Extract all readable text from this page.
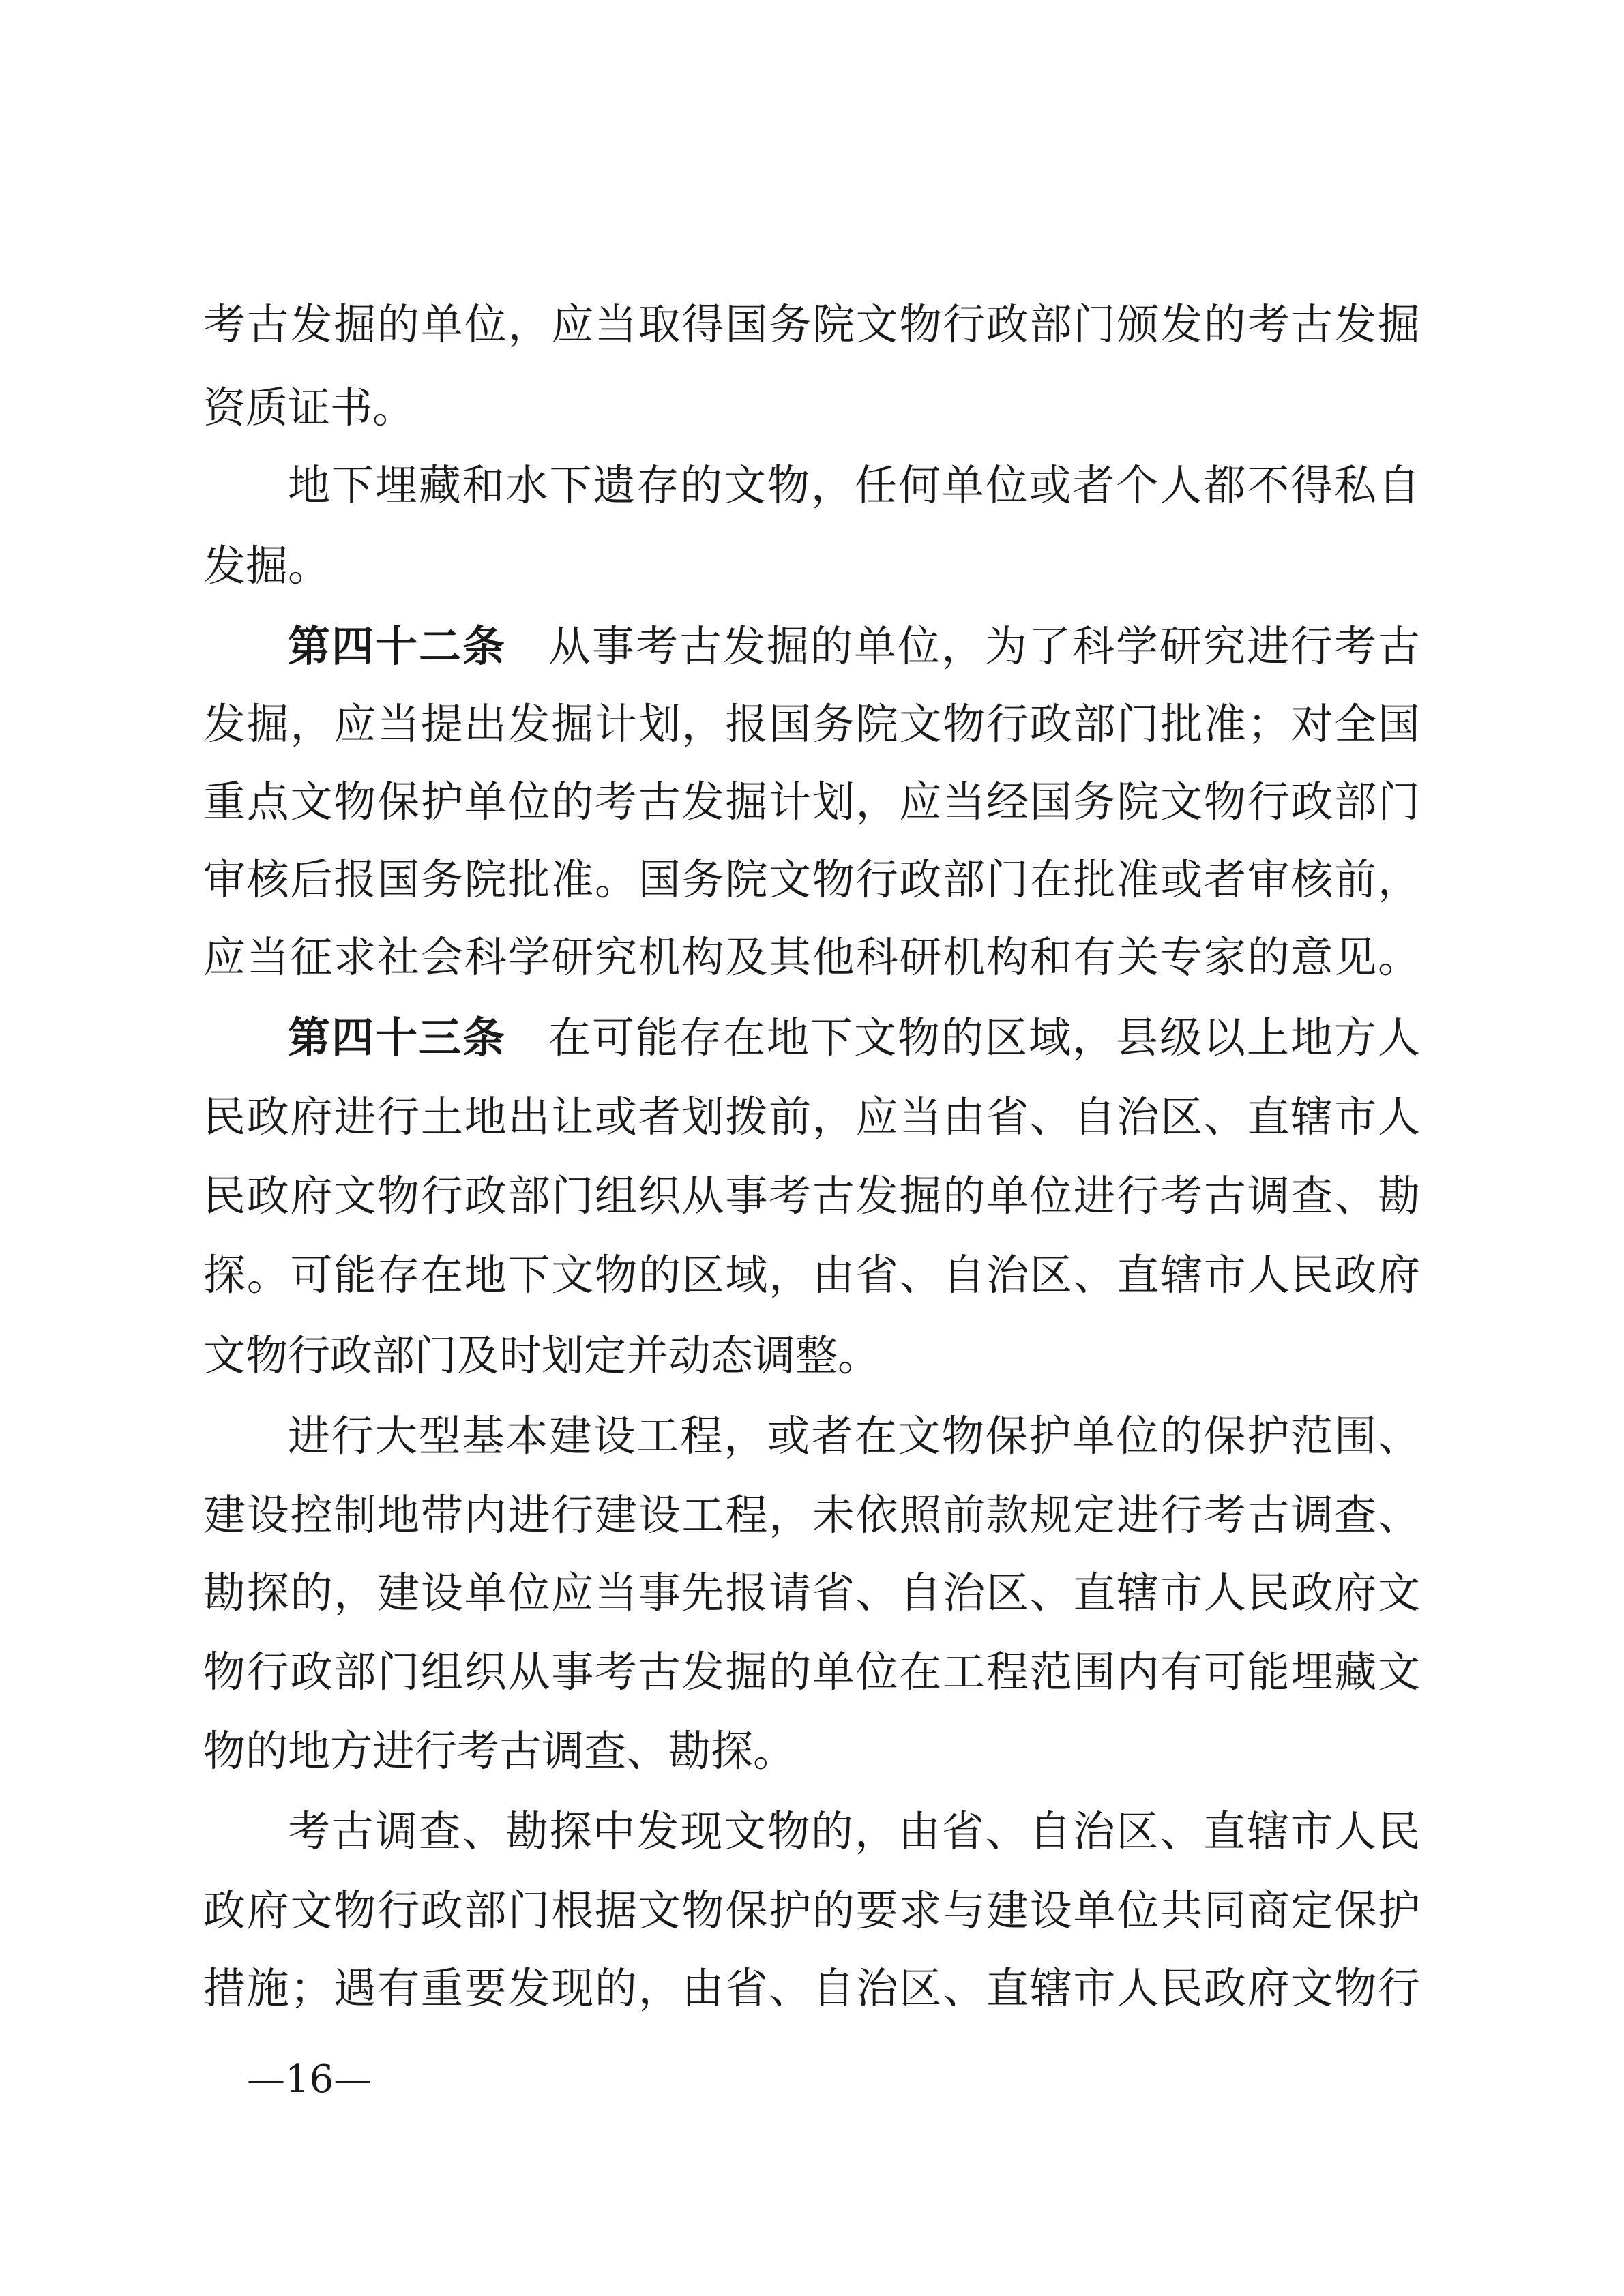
考古发掘的单位，应当取得国务院文物行政部门颁发的考古发掘
资质证书。
地下埋藏和水下遗存的文物，任何单位或者个人都不得私自
发掘。
第四十二条 从事考古发掘的单位，为了科学研究进行考古
发掘，应当提出发掘计划，报国务院文物行政部门批准；对全国
重点文物保护单位的考古发掘计划，应当经国务院文物行政部门
审核后报国务院批准。国务院文物行政部门在批准或者审核前，
应当征求社会科学研究机构及其他科研机构和有关专家的意见。
第四十三条 在可能存在地下文物的区域，县级以上地方人
民政府进行土地出让或者划拨前，应当由省、自治区、直辖市人
民政府文物行政部门组织从事考古发掘的单位进行考古调查、勘
探。可能存在地下文物的区域，由省、自治区、直辖市人民政府
文物行政部门及时划定并动态调整。
进行大型基本建设工程，或者在文物保护单位的保护范围、
建设控制地带内进行建设工程，未依照前款规定进行考古调查、
勘探的，建设单位应当事先报请省、自治区、直辖市人民政府文
物行政部门组织从事考古发掘的单位在工程范围内有可能埋藏文
物的地方进行考古调查、勘探。
考古调查、勘探中发现文物的，由省、自治区、直辖市人民
政府文物行政部门根据文物保护的要求与建设单位共同商定保护
措施；遇有重要发现的，由省、自治区、直辖市人民政府文物行
—16—
